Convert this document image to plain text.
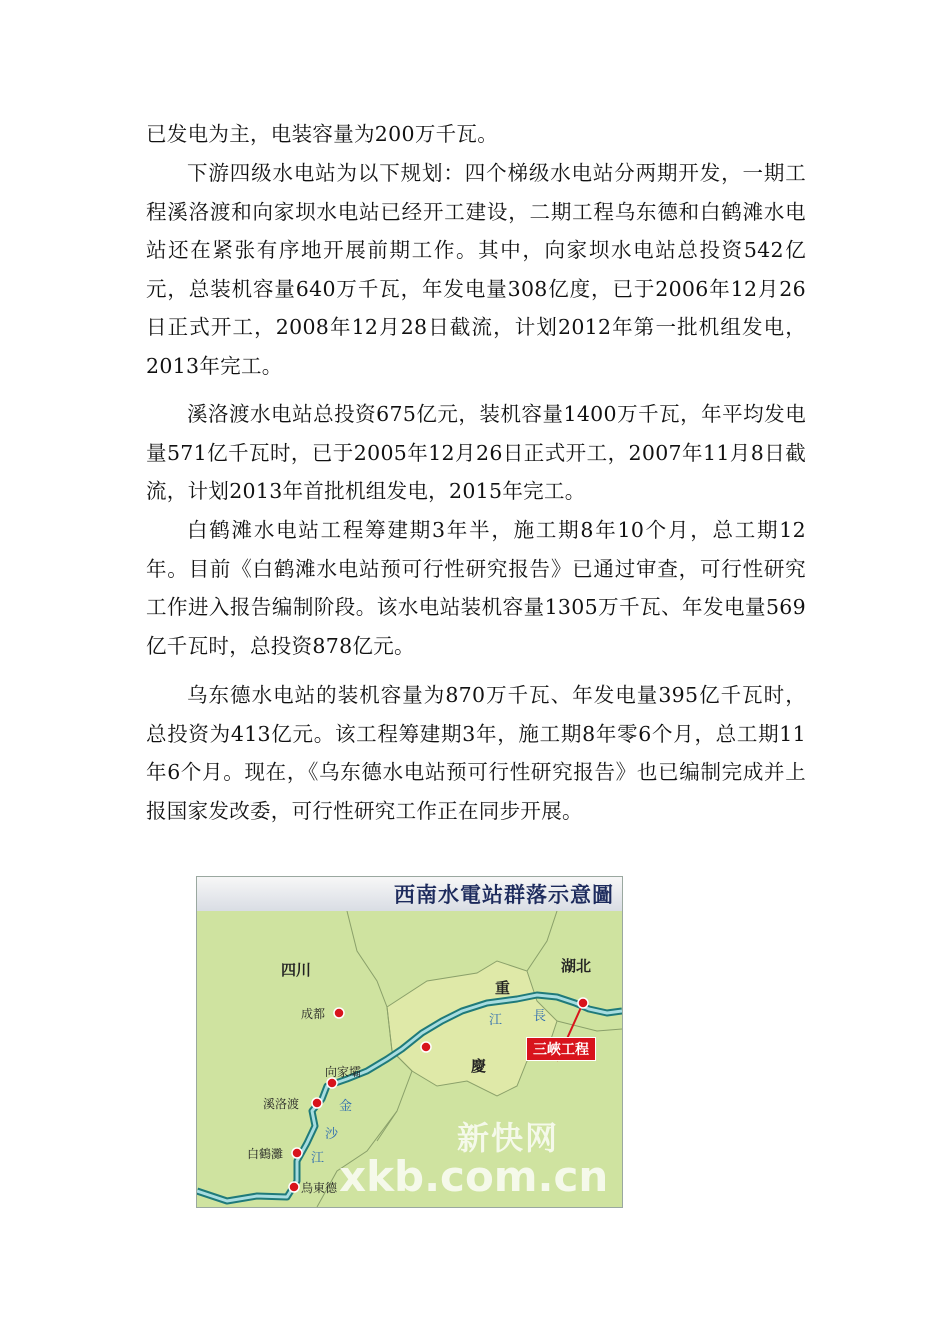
已发电为主，电装容量为200万千瓦。

下游四级水电站为以下规划：四个梯级水电站分两期开发，一期工程溪洛渡和向家坝水电站已经开工建设，二期工程乌东德和白鹤滩水电站还在紧张有序地开展前期工作。其中，向家坝水电站总投资542亿元，总装机容量640万千瓦，年发电量308亿度，已于2006年12月26日正式开工，2008年12月28日截流，计划2012年第一批机组发电，2013年完工。

溪洛渡水电站总投资675亿元，装机容量1400万千瓦，年平均发电量571亿千瓦时，已于2005年12月26日正式开工，2007年11月8日截流，计划2013年首批机组发电，2015年完工。

白鹤滩水电站工程筹建期3年半，施工期8年10个月，总工期12年。目前《白鹤滩水电站预可行性研究报告》已通过审查，可行性研究工作进入报告编制阶段。该水电站装机容量1305万千瓦、年发电量569亿千瓦时，总投资878亿元。

乌东德水电站的装机容量为870万千瓦、年发电量395亿千瓦时，总投资为413亿元。该工程筹建期3年，施工期8年零6个月，总工期11年6个月。现在，《乌东德水电站预可行性研究报告》也已编制完成并上报国家发改委，可行性研究工作正在同步开展。

西南水電站群落示意圖
四川	湖北
重
慶
成都
向家壩
溪洛渡
白鶴灘
烏東德
金
沙
江
長
江
三峽工程
新快网
xkb.com.cn
